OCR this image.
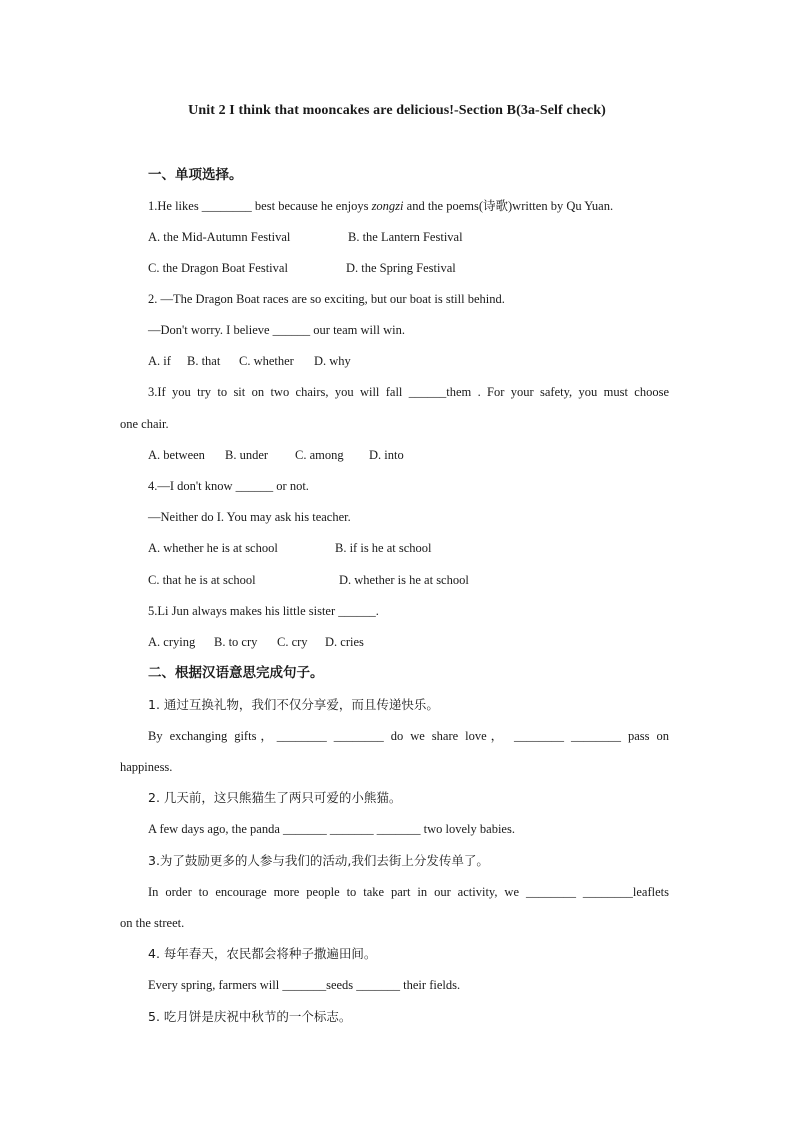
Unit 2 I think that mooncakes are delicious!-Section B(3a-Self check)
一、单项选择。
1.He likes ________ best because he enjoys zongzi and the poems(诗歌)written by Qu Yuan.
A. the Mid-Autumn Festival	B. the Lantern Festival
C. the Dragon Boat Festival	D. the Spring Festival
2. —The Dragon Boat races are so exciting, but our boat is still behind.
—Don't worry. I believe ______ our team will win.
A. if B. that C. whether D. why
3.If you try to sit on two chairs, you will fall ______them . For your safety, you must choose
one chair.
A. between B. under C. among D. into
4.—I don't know ______ or not.
—Neither do I. You may ask his teacher.
A. whether he is at school	B. if is he at school
C. that he is at school	D. whether is he at school
5.Li Jun always makes his little sister ______.
A. crying B. to cry C. cry D. cries
二、根据汉语意思完成句子。
1. 通过互换礼物，我们不仅分享爱，而且传递快乐。
By exchanging gifts，________ ________ do we share love， ________ ________ pass on
happiness.
2. 几天前，这只熊猫生了两只可爱的小熊猫。
A few days ago, the panda _______ _______ _______ two lovely babies.
3.为了鼓励更多的人参与我们的活动,我们去街上分发传单了。
In order to encourage more people to take part in our activity, we ________ ________leaflets
on the street.
4. 每年春天，农民都会将种子撒遍田间。
Every spring, farmers will _______seeds _______ their fields.
5. 吃月饼是庆祝中秋节的一个标志。
